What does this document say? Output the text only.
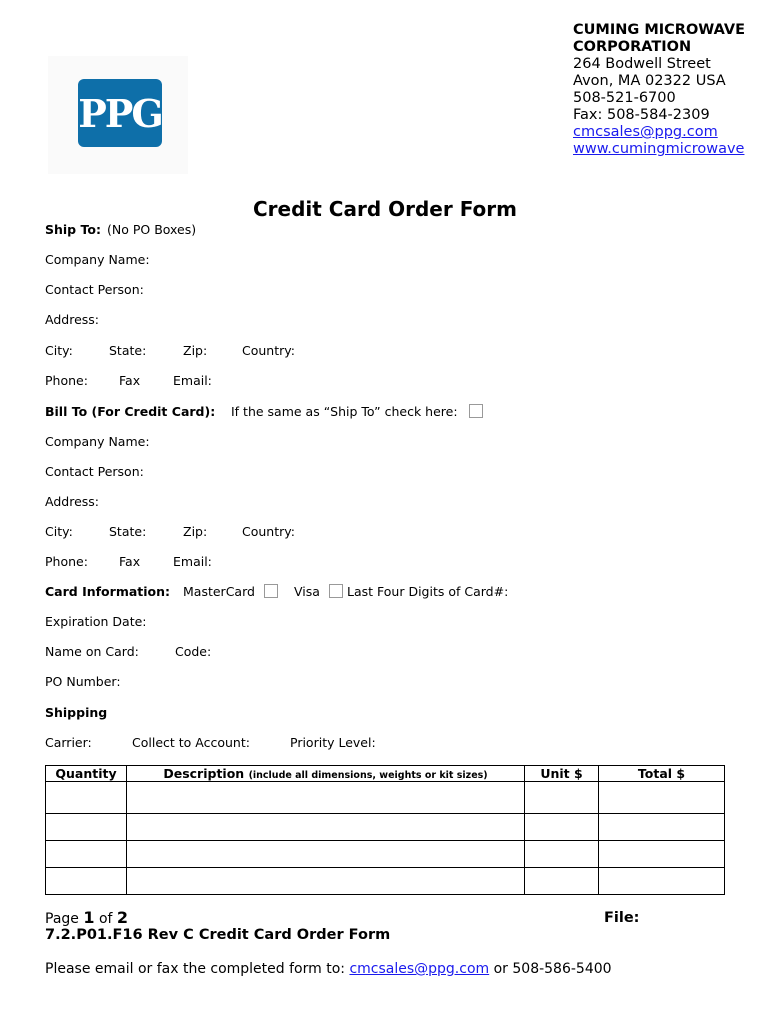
PPG
CUMING MICROWAVE CORPORATION
264 Bodwell Street
Avon, MA 02322 USA
508-521-6700
Fax: 508-584-2309
cmcsales@ppg.com
www.cumingmicrowave
Credit Card Order Form
Ship To: (No PO Boxes)
Company Name:
Contact Person:
Address:
City:	State:	Zip:	Country:
Phone: Fax	Email:
Bill To (For Credit Card): If the same as “Ship To” check here:
Company Name:
Contact Person:
Address:
City:	State:	Zip:	Country:
Phone: Fax	Email:
Card Information: MasterCard	Visa Last Four Digits of Card#:
Expiration Date:
Name on Card:	Code:
PO Number:
Shipping
Carrier:	Collect to Account:	Priority Level:
Quantity	Description (include all dimensions, weights or kit sizes)	Unit $	Total $

Page 1 of 2	File:
7.2.P01.F16 Rev C Credit Card Order Form
Please email or fax the completed form to: cmcsales@ppg.com or 508-586-5400
